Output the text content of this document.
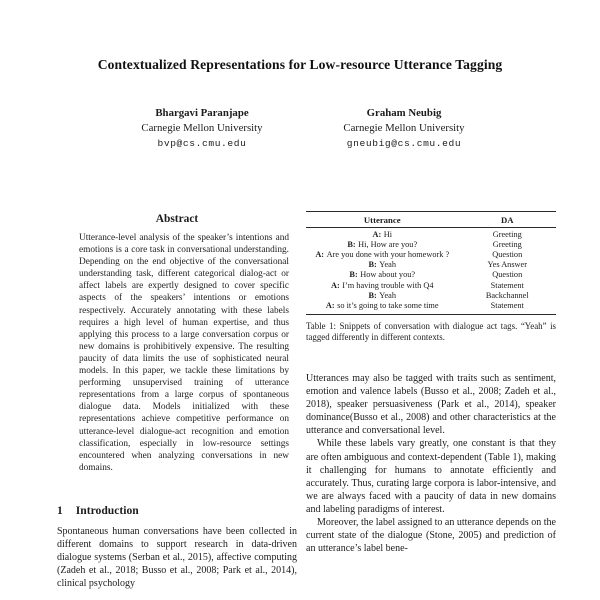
Contextualized Representations for Low-resource Utterance Tagging
Bhargavi Paranjape
Carnegie Mellon University
bvp@cs.cmu.edu
Graham Neubig
Carnegie Mellon University
gneubig@cs.cmu.edu
Abstract
Utterance-level analysis of the speaker’s intentions and emotions is a core task in conversational understanding. Depending on the end objective of the conversational understanding task, different categorical dialog-act or affect labels are expertly designed to cover specific aspects of the speakers’ intentions or emotions respectively. Accurately annotating with these labels requires a high level of human expertise, and thus applying this process to a large conversation corpus or new domains is prohibitively expensive. The resulting paucity of data limits the use of sophisticated neural models. In this paper, we tackle these limitations by performing unsupervised training of utterance representations from a large corpus of spontaneous dialogue data. Models initialized with these representations achieve competitive performance on utterance-level dialogue-act recognition and emotion classification, especially in low-resource settings encountered when analyzing conversations in new domains.
1 Introduction
Spontaneous human conversations have been collected in different domains to support research in data-driven dialogue systems (Serban et al., 2015), affective computing (Zadeh et al., 2018; Busso et al., 2008; Park et al., 2014), clinical psychology
Utterance	DA
A: Hi	Greeting
B: Hi, How are you?	Greeting
A: Are you done with your homework ?	Question
B: Yeah	Yes Answer
B: How about you?	Question
A: I’m having trouble with Q4	Statement
B: Yeah	Backchannel
A: so it’s going to take some time	Statement
Table 1: Snippets of conversation with dialogue act tags. “Yeah” is tagged differently in different contexts.

Utterances may also be tagged with traits such as sentiment, emotion and valence labels (Busso et al., 2008; Zadeh et al., 2018), speaker persuasiveness (Park et al., 2014), speaker dominance(Busso et al., 2008) and other characteristics at the utterance and conversational level.

While these labels vary greatly, one constant is that they are often ambiguous and context-dependent (Table 1), making it challenging for humans to annotate efficiently and accurately. Thus, curating large corpora is labor-intensive, and we are always faced with a paucity of data in new domains and labeling paradigms of interest.

Moreover, the label assigned to an utterance depends on the current state of the dialogue (Stone, 2005) and prediction of an utterance’s label bene-
